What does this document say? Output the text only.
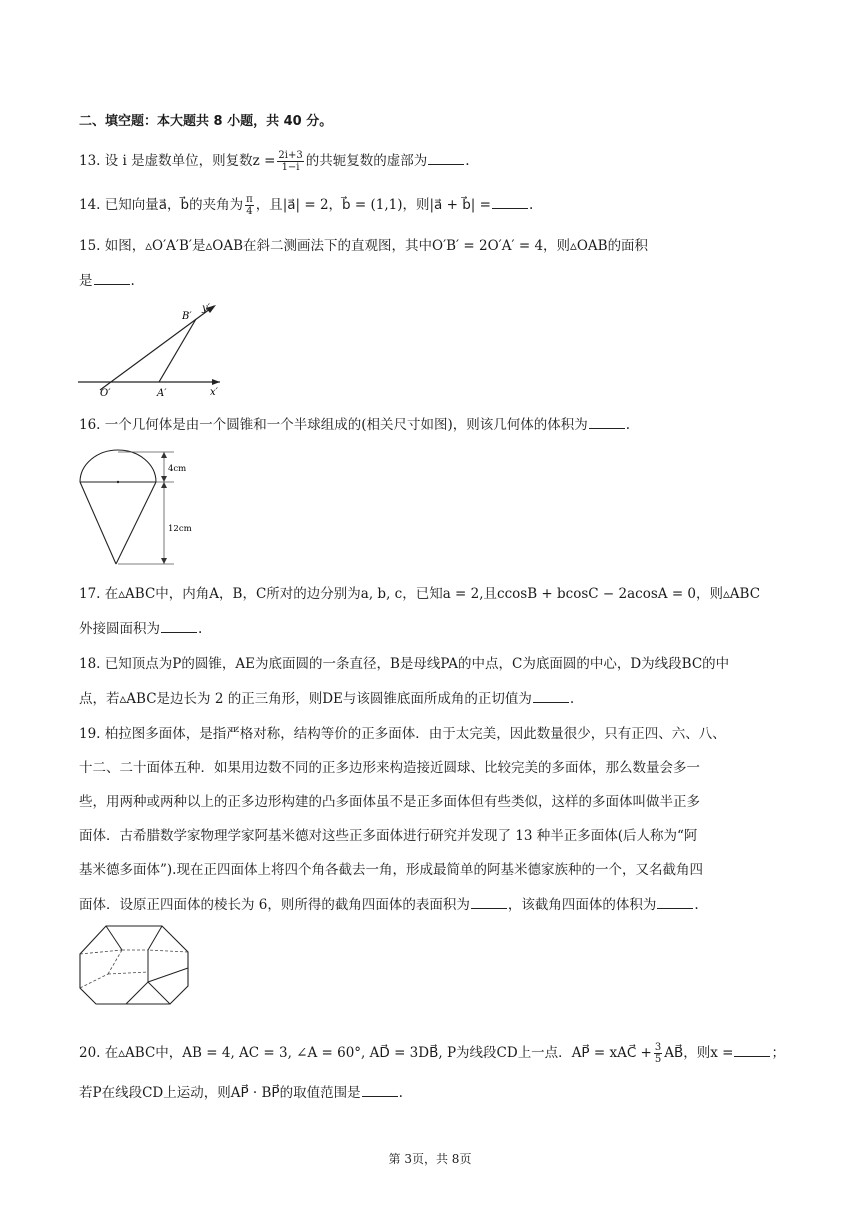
二、填空题：本大题共 8 小题，共 40 分。
13. 设 i 是虚数单位，则复数$z = \frac{2i+3}{1-i}$ 的共轭复数的虚部为	.
14. 已知向量a⃗，b⃗的夹角为 $\frac{\pi}{4}$ ，且|a⃗| = 2，b⃗ = (1,1)，则|a⃗ + b⃗| =	.
15. 如图，▵O′A′B′是▵OAB在斜二测画法下的直观图，其中O′B′ = 2O′A′ = 4，则▵OAB的面积
是	.
B′
y′
O′	A′	x′
16. 一个几何体是由一个圆锥和一个半球组成的(相关尺寸如图)，则该几何体的体积为	.
4cm
12cm
17. 在▵ABC中，内角A，B，C所对的边分别为a, b, c，已知a = 2,且ccosB + bcosC − 2acosA = 0，则▵ABC
外接圆面积为	.
18. 已知顶点为P的圆锥，AE为底面圆的一条直径，B是母线PA的中点，C为底面圆的中心，D为线段BC的中
点，若▵ABC是边长为 2 的正三角形，则DE与该圆锥底面所成角的正切值为	.
19. 柏拉图多面体，是指严格对称，结构等价的正多面体．由于太完美，因此数量很少，只有正四、六、八、
十二、二十面体五种．如果用边数不同的正多边形来构造接近圆球、比较完美的多面体，那么数量会多一
些，用两种或两种以上的正多边形构建的凸多面体虽不是正多面体但有些类似，这样的多面体叫做半正多
面体．古希腊数学家物理学家阿基米德对这些正多面体进行研究并发现了 13 种半正多面体(后人称为“阿
基米德多面体”).现在正四面体上将四个角各截去一角，形成最简单的阿基米德家族种的一个，又名截角四
面体．设原正四面体的棱长为 6，则所得的截角四面体的表面积为	，该截角四面体的体积为	.
20. 在▵ABC中，AB = 4, AC = 3, ∠A = 60°, AD⃗ = 3DB⃗, P为线段CD上一点．AP⃗ = xAC⃗ + $\frac{3}{5}$ AB⃗，则x =	；
若P在线段CD上运动，则AP⃗ · BP⃗的取值范围是	.
第 3页，共 8页
